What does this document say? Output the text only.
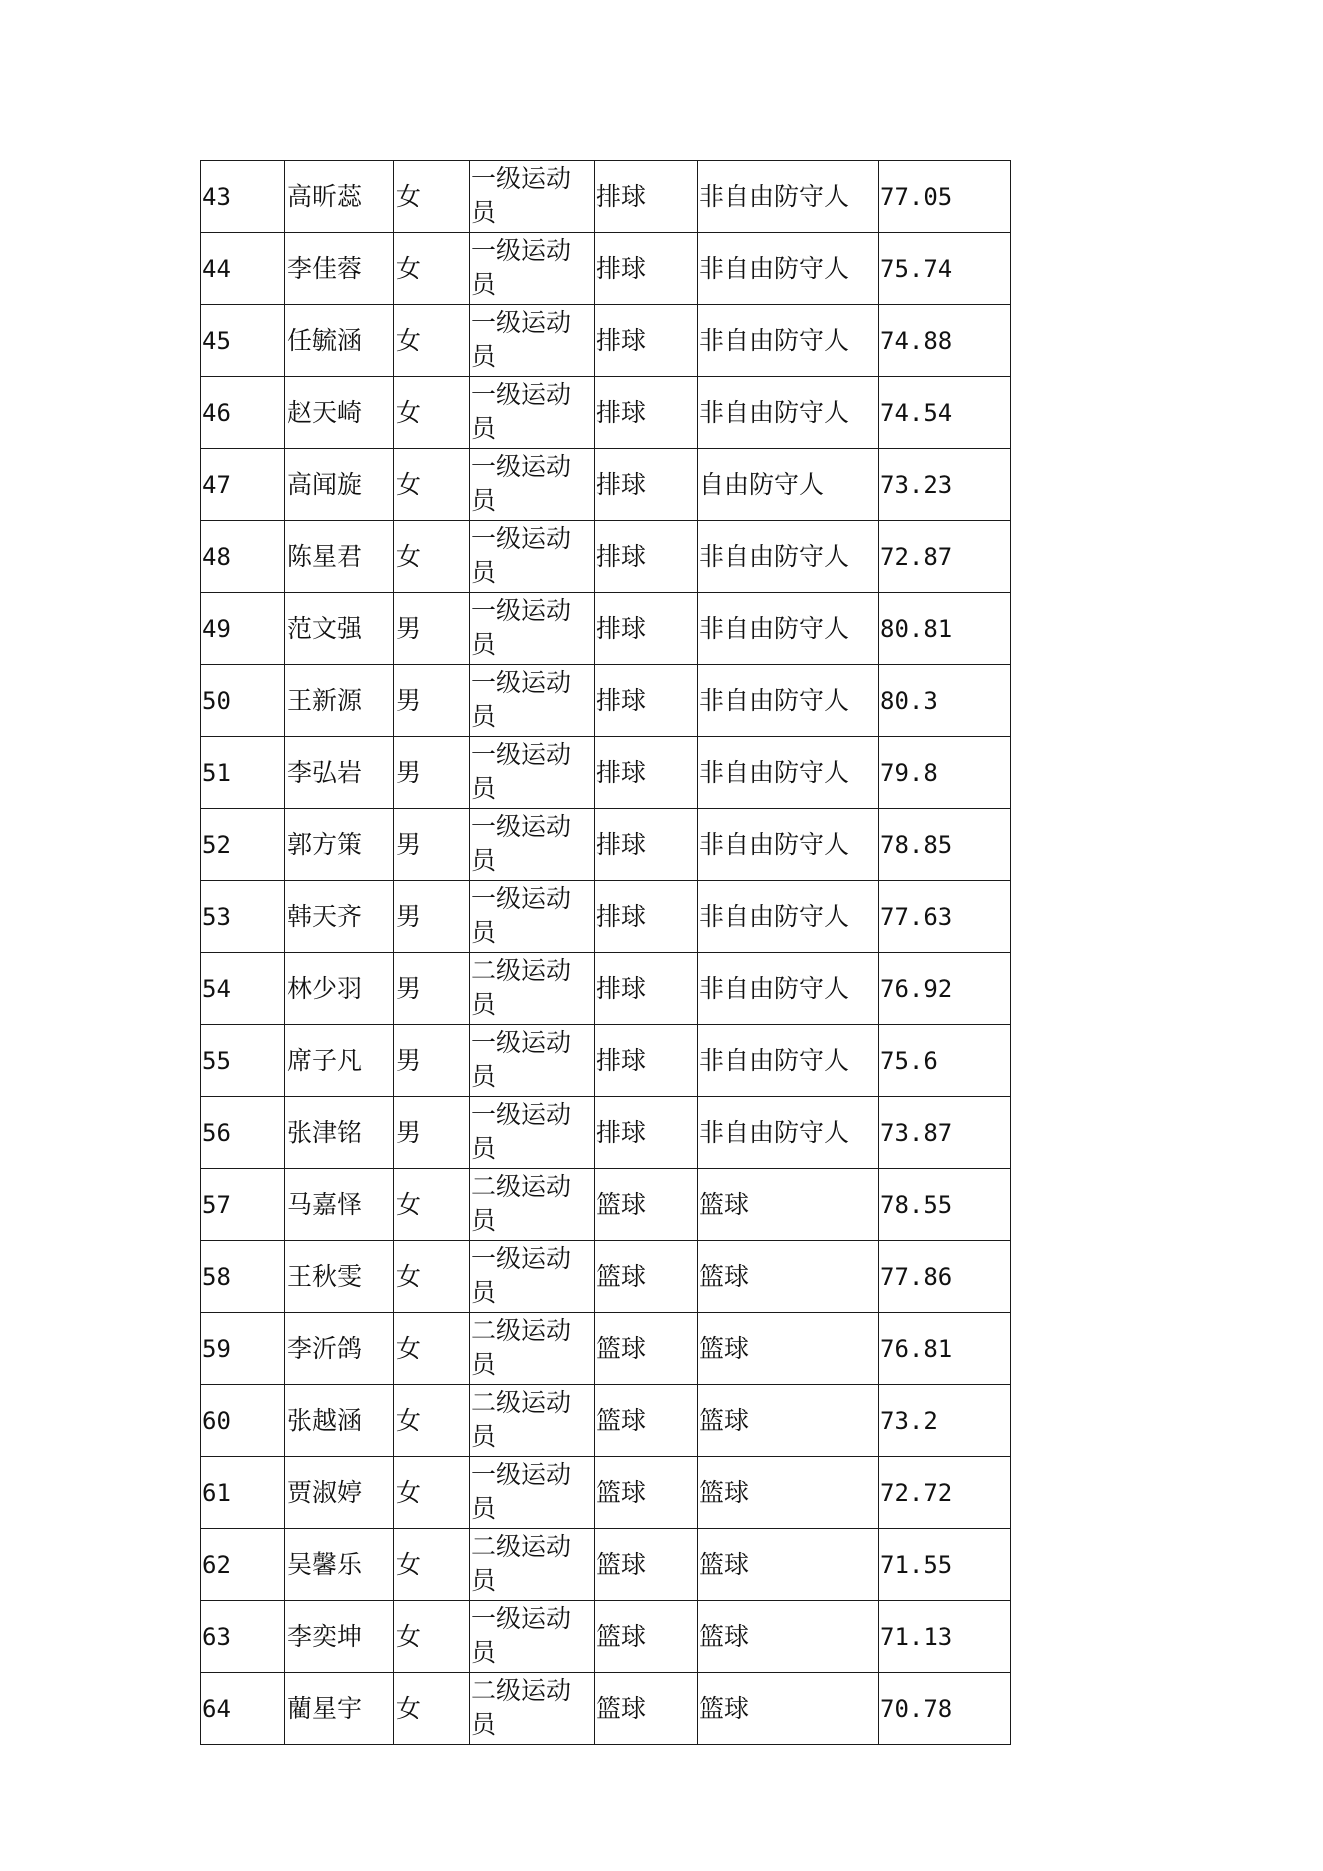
43	高昕蕊	女	一级运动员	排球	非自由防守人	77.05
44	李佳蓉	女	一级运动员	排球	非自由防守人	75.74
45	任毓涵	女	一级运动员	排球	非自由防守人	74.88
46	赵天崎	女	一级运动员	排球	非自由防守人	74.54
47	高闻旋	女	一级运动员	排球	自由防守人	73.23
48	陈星君	女	一级运动员	排球	非自由防守人	72.87
49	范文强	男	一级运动员	排球	非自由防守人	80.81
50	王新源	男	一级运动员	排球	非自由防守人	80.3
51	李弘岩	男	一级运动员	排球	非自由防守人	79.8
52	郭方策	男	一级运动员	排球	非自由防守人	78.85
53	韩天齐	男	一级运动员	排球	非自由防守人	77.63
54	林少羽	男	二级运动员	排球	非自由防守人	76.92
55	席子凡	男	一级运动员	排球	非自由防守人	75.6
56	张津铭	男	一级运动员	排球	非自由防守人	73.87
57	马嘉怿	女	二级运动员	篮球	篮球	78.55
58	王秋雯	女	一级运动员	篮球	篮球	77.86
59	李沂鸽	女	二级运动员	篮球	篮球	76.81
60	张越涵	女	二级运动员	篮球	篮球	73.2
61	贾淑婷	女	一级运动员	篮球	篮球	72.72
62	吴馨乐	女	二级运动员	篮球	篮球	71.55
63	李奕坤	女	一级运动员	篮球	篮球	71.13
64	藺星宇	女	二级运动员	篮球	篮球	70.78
